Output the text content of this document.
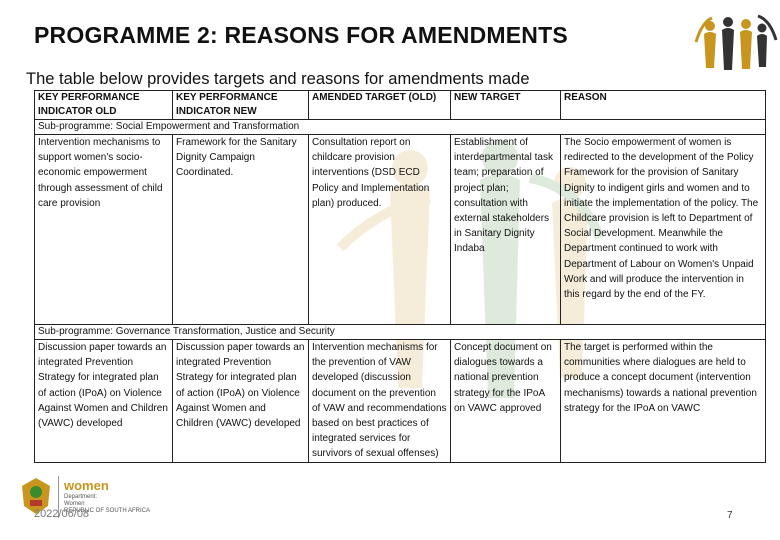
PROGRAMME 2: REASONS FOR AMENDMENTS
The table below provides targets and reasons for amendments made
KEY PERFORMANCE INDICATOR OLD	KEY PERFORMANCE INDICATOR NEW	AMENDED TARGET (OLD)	NEW TARGET	REASON
Sub-programme: Social Empowerment and Transformation				
Intervention mechanisms to support women's socio-economic empowerment through assessment of child care provision	Framework for the Sanitary Dignity Campaign Coordinated.	Consultation report on childcare provision interventions (DSD ECD Policy and Implementation plan) produced.	Establishment of interdepartmental task team; preparation of project plan; consultation with external stakeholders in Sanitary Dignity Indaba	The Socio empowerment of women is redirected to the development of the Policy Framework for the provision of Sanitary Dignity to indigent girls and women and to initiate the implementation of the policy. The Childcare provision is left to Department of Social Development. Meanwhile the Department continued to work with Department of Labour on Women's Unpaid Work and will produce the intervention in this regard by the end of the FY.
Sub-programme: Governance Transformation, Justice and Security				
Discussion paper towards an integrated Prevention Strategy for integrated plan of action (IPoA) on Violence Against Women and Children (VAWC) developed	Discussion paper towards an integrated Prevention Strategy for integrated plan of action (IPoA) on Violence Against Women and Children (VAWC) developed	Intervention mechanisms for the prevention of VAW developed (discussion document on the prevention of VAW and recommendations based on best practices of integrated services for survivors of sexual offenses)	Concept document on dialogues towards a national prevention strategy for the IPoA on VAWC approved	The target is performed within the communities where dialogues are held to produce a concept document (intervention mechanisms) towards a national prevention strategy for the IPoA on VAWC
women
Department:
Women
REPUBLIC OF SOUTH AFRICA
2022/06/08	7
